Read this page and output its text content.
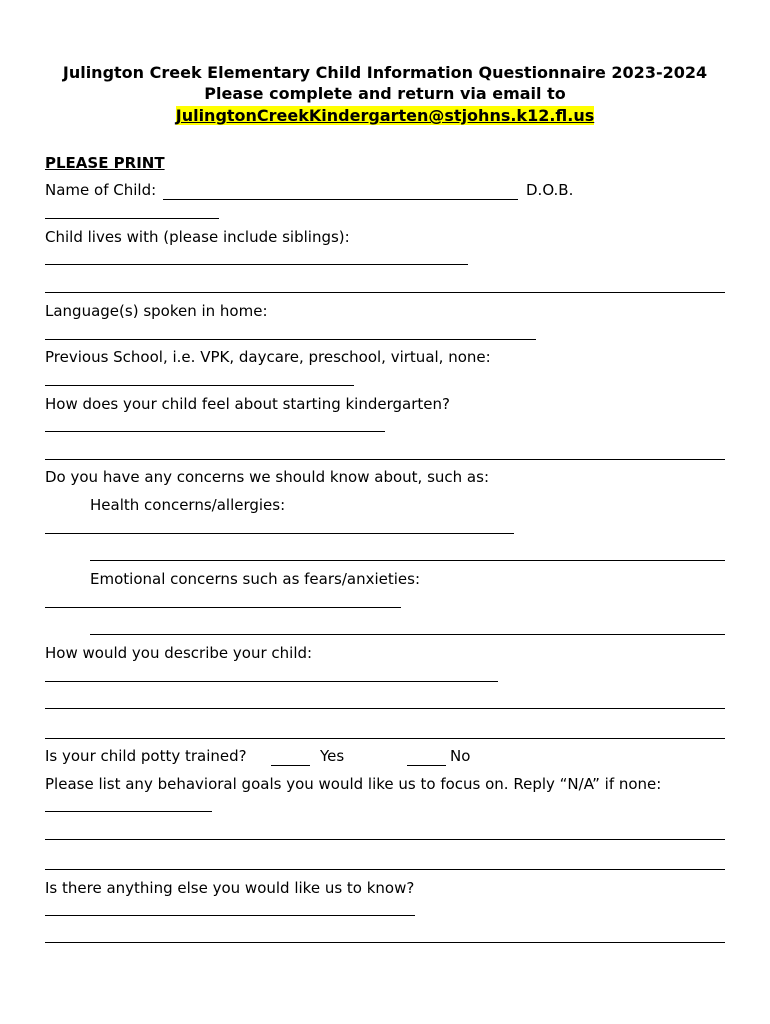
Julington Creek Elementary Child Information Questionnaire 2023-2024
Please complete and return via email to
JulingtonCreekKindergarten@stjohns.k12.fl.us
PLEASE PRINT
Name of Child:	D.O.B.
Child lives with (please include siblings):
Language(s) spoken in home:
Previous School, i.e. VPK, daycare, preschool, virtual, none:
How does your child feel about starting kindergarten?
Do you have any concerns we should know about, such as:
Health concerns/allergies:
Emotional concerns such as fears/anxieties:
How would you describe your child:
Is your child potty trained?	Yes	No
Please list any behavioral goals you would like us to focus on. Reply “N/A” if none:
Is there anything else you would like us to know?
